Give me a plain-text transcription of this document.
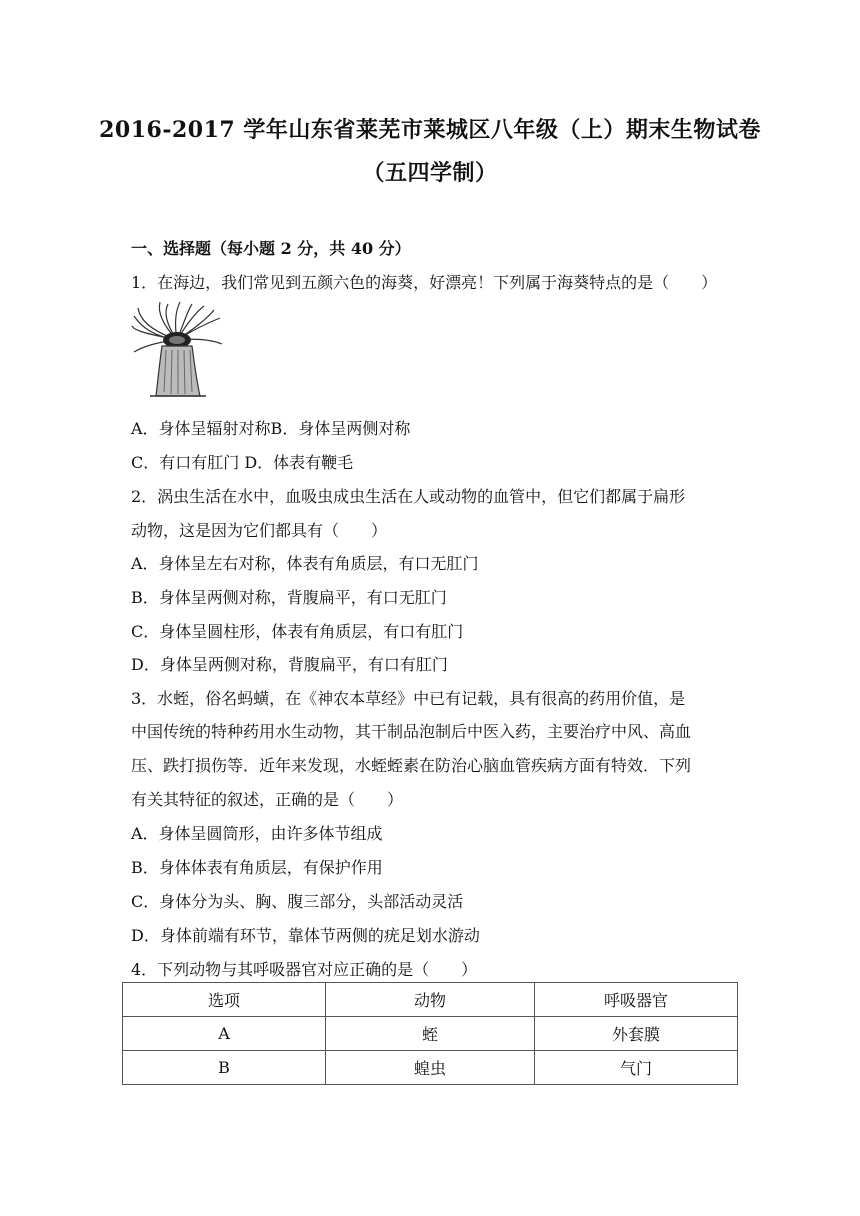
2016-2017 学年山东省莱芜市莱城区八年级（上）期末生物试卷
（五四学制）
一、选择题（每小题 2 分，共 40 分）
1．在海边，我们常见到五颜六色的海葵，好漂亮！下列属于海葵特点的是（　　）
A．身体呈辐射对称B．身体呈两侧对称
C．有口有肛门 D．体表有鞭毛
2．涡虫生活在水中，血吸虫成虫生活在人或动物的血管中，但它们都属于扁形
动物，这是因为它们都具有（　　）
A．身体呈左右对称，体表有角质层，有口无肛门
B．身体呈两侧对称，背腹扁平，有口无肛门
C．身体呈圆柱形，体表有角质层，有口有肛门
D．身体呈两侧对称，背腹扁平，有口有肛门
3．水蛭，俗名蚂蟥，在《神农本草经》中已有记载，具有很高的药用价值，是
中国传统的特种药用水生动物，其干制品泡制后中医入药，主要治疗中风、高血
压、跌打损伤等．近年来发现，水蛭蛭素在防治心脑血管疾病方面有特效．下列
有关其特征的叙述，正确的是（　　）
A．身体呈圆筒形，由许多体节组成
B．身体体表有角质层，有保护作用
C．身体分为头、胸、腹三部分，头部活动灵活
D．身体前端有环节，靠体节两侧的疣足划水游动
4．下列动物与其呼吸器官对应正确的是（　　）
选项	动物	呼吸器官
A	蛭	外套膜
B	蝗虫	气门
